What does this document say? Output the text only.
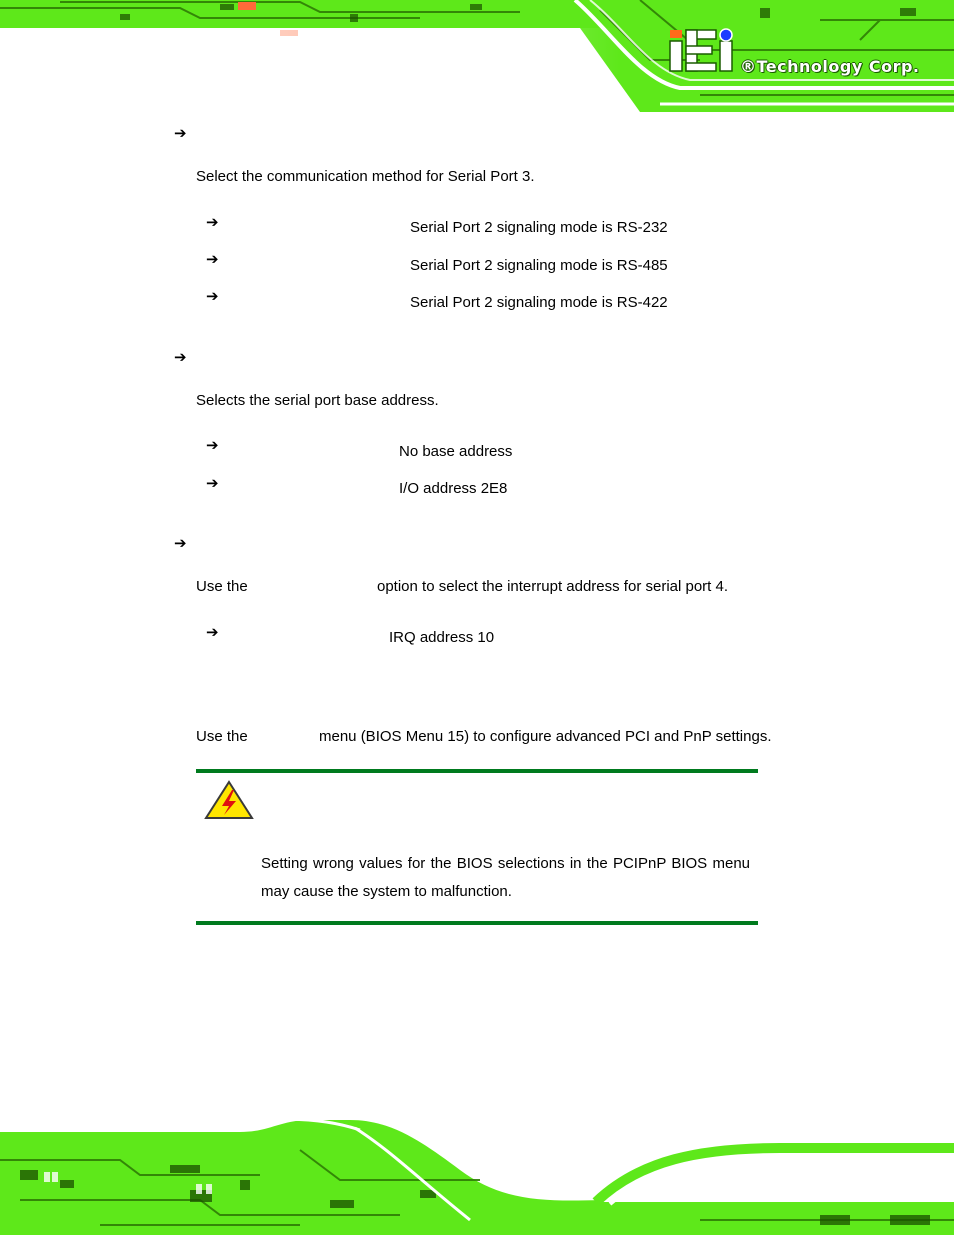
®Technology Corp.
➔
Select the communication method for Serial Port 3.
➔	Serial Port 2 signaling mode is RS-232
➔	Serial Port 2 signaling mode is RS-485
➔	Serial Port 2 signaling mode is RS-422
➔
Selects the serial port base address.
➔	No base address
➔	I/O address 2E8
➔
Use the	option to select the interrupt address for serial port 4.
➔	IRQ address 10
Use the	menu (BIOS Menu 15) to configure advanced PCI and PnP settings.
Setting wrong values for the BIOS selections in the PCIPnP BIOS menu may cause the system to malfunction.
